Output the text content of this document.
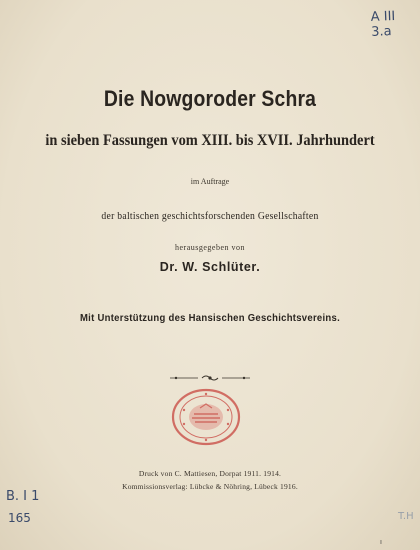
A III 3.a
Die Nowgoroder Schra
in sieben Fassungen vom XIII. bis XVII. Jahrhundert
im Auftrage
der baltischen geschichtsforschenden Gesellschaften
herausgegeben von
Dr. W. Schlüter.
Mit Unterstützung des Hansischen Geschichtsvereins.
Druck von C. Mattiesen, Dorpat 1911. 1914.
Kommissionsverlag: Lübcke & Nöhring, Lübeck 1916.
B. I 1
165	T.H
ı
